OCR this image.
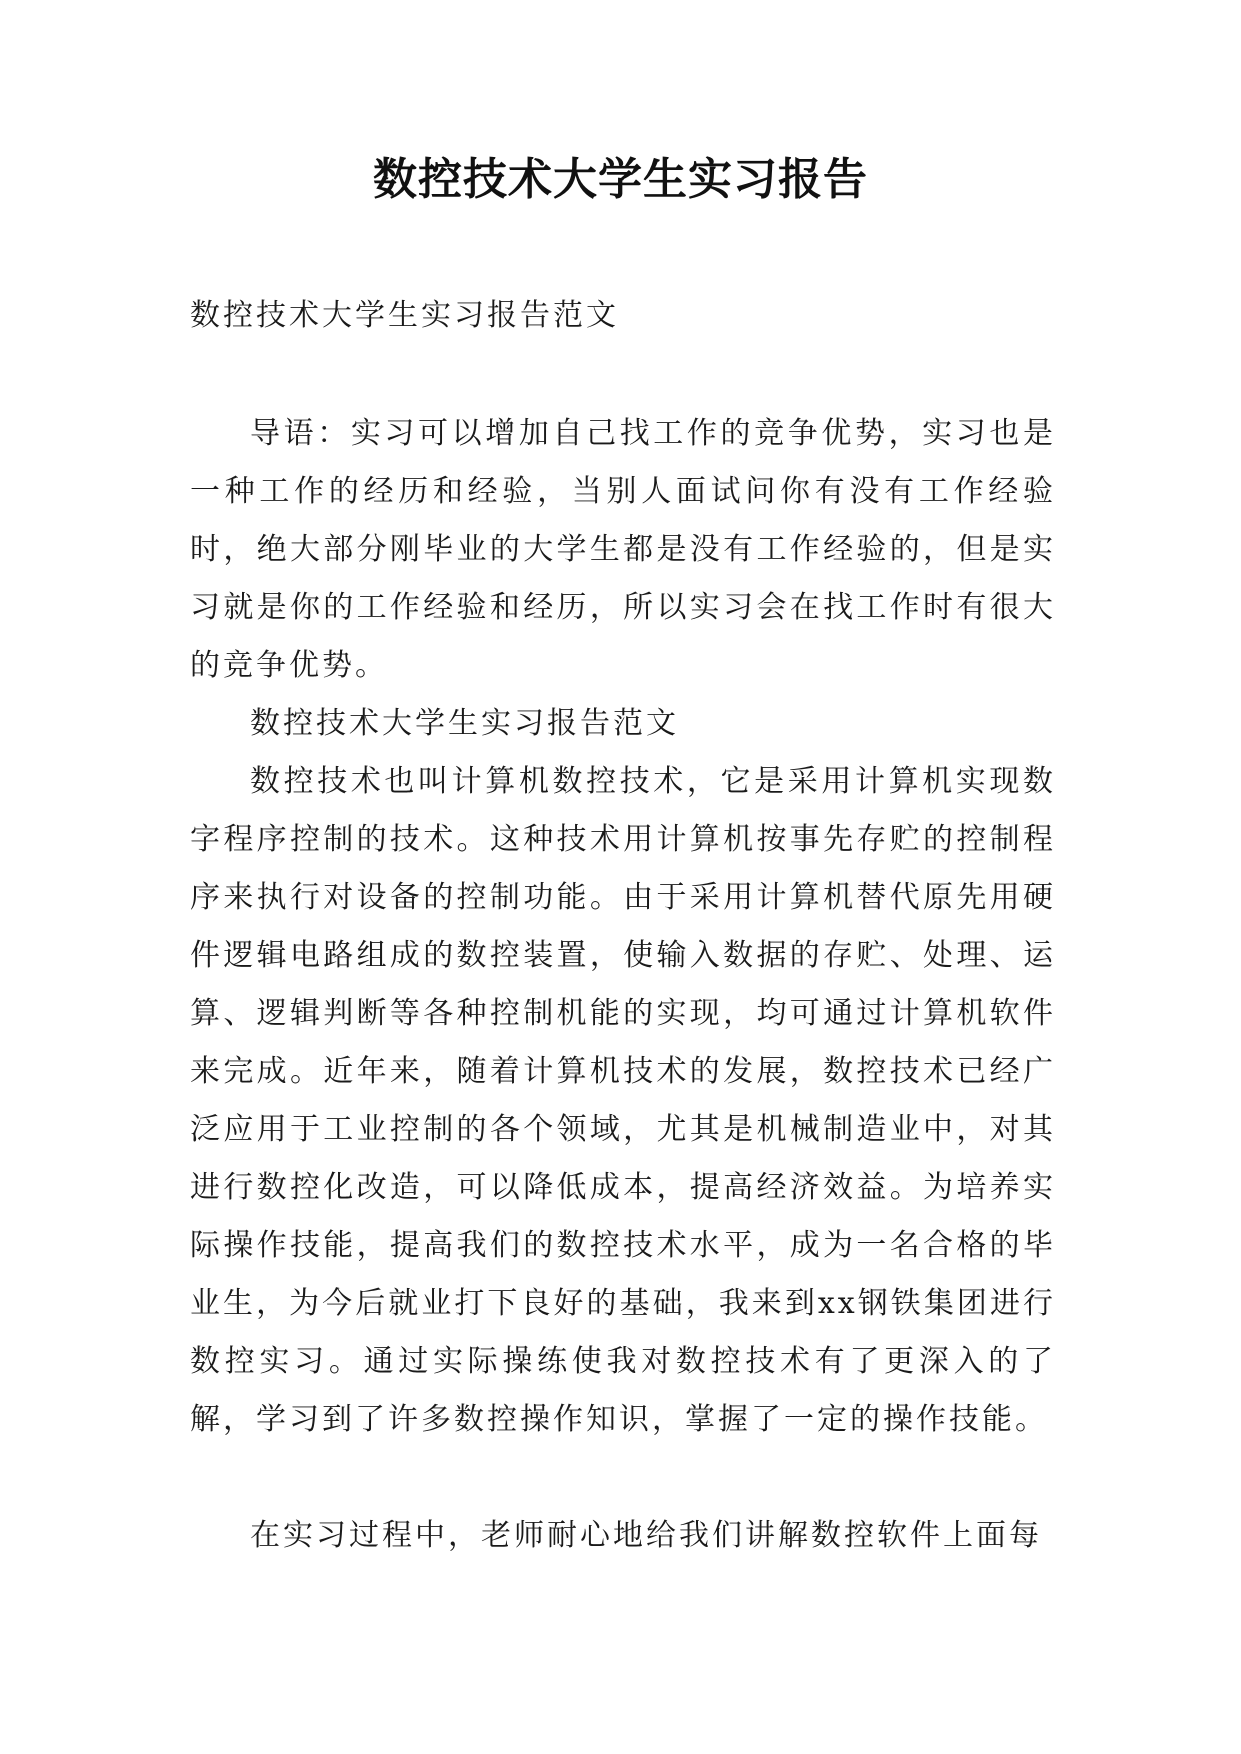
数控技术大学生实习报告

数控技术大学生实习报告范文

导语：实习可以增加自己找工作的竞争优势，实习也是一种工作的经历和经验，当别人面试问你有没有工作经验时，绝大部分刚毕业的大学生都是没有工作经验的，但是实习就是你的工作经验和经历，所以实习会在找工作时有很大的竞争优势。

数控技术大学生实习报告范文

数控技术也叫计算机数控技术，它是采用计算机实现数字程序控制的技术。这种技术用计算机按事先存贮的控制程序来执行对设备的控制功能。由于采用计算机替代原先用硬件逻辑电路组成的数控装置，使输入数据的存贮、处理、运算、逻辑判断等各种控制机能的实现，均可通过计算机软件来完成。近年来，随着计算机技术的发展，数控技术已经广泛应用于工业控制的各个领域，尤其是机械制造业中，对其进行数控化改造，可以降低成本，提高经济效益。为培养实际操作技能，提高我们的数控技术水平，成为一名合格的毕业生，为今后就业打下良好的基础，我来到xx钢铁集团进行数控实习。通过实际操练使我对数控技术有了更深入的了解，学习到了许多数控操作知识，掌握了一定的操作技能。

在实习过程中，老师耐心地给我们讲解数控软件上面每
